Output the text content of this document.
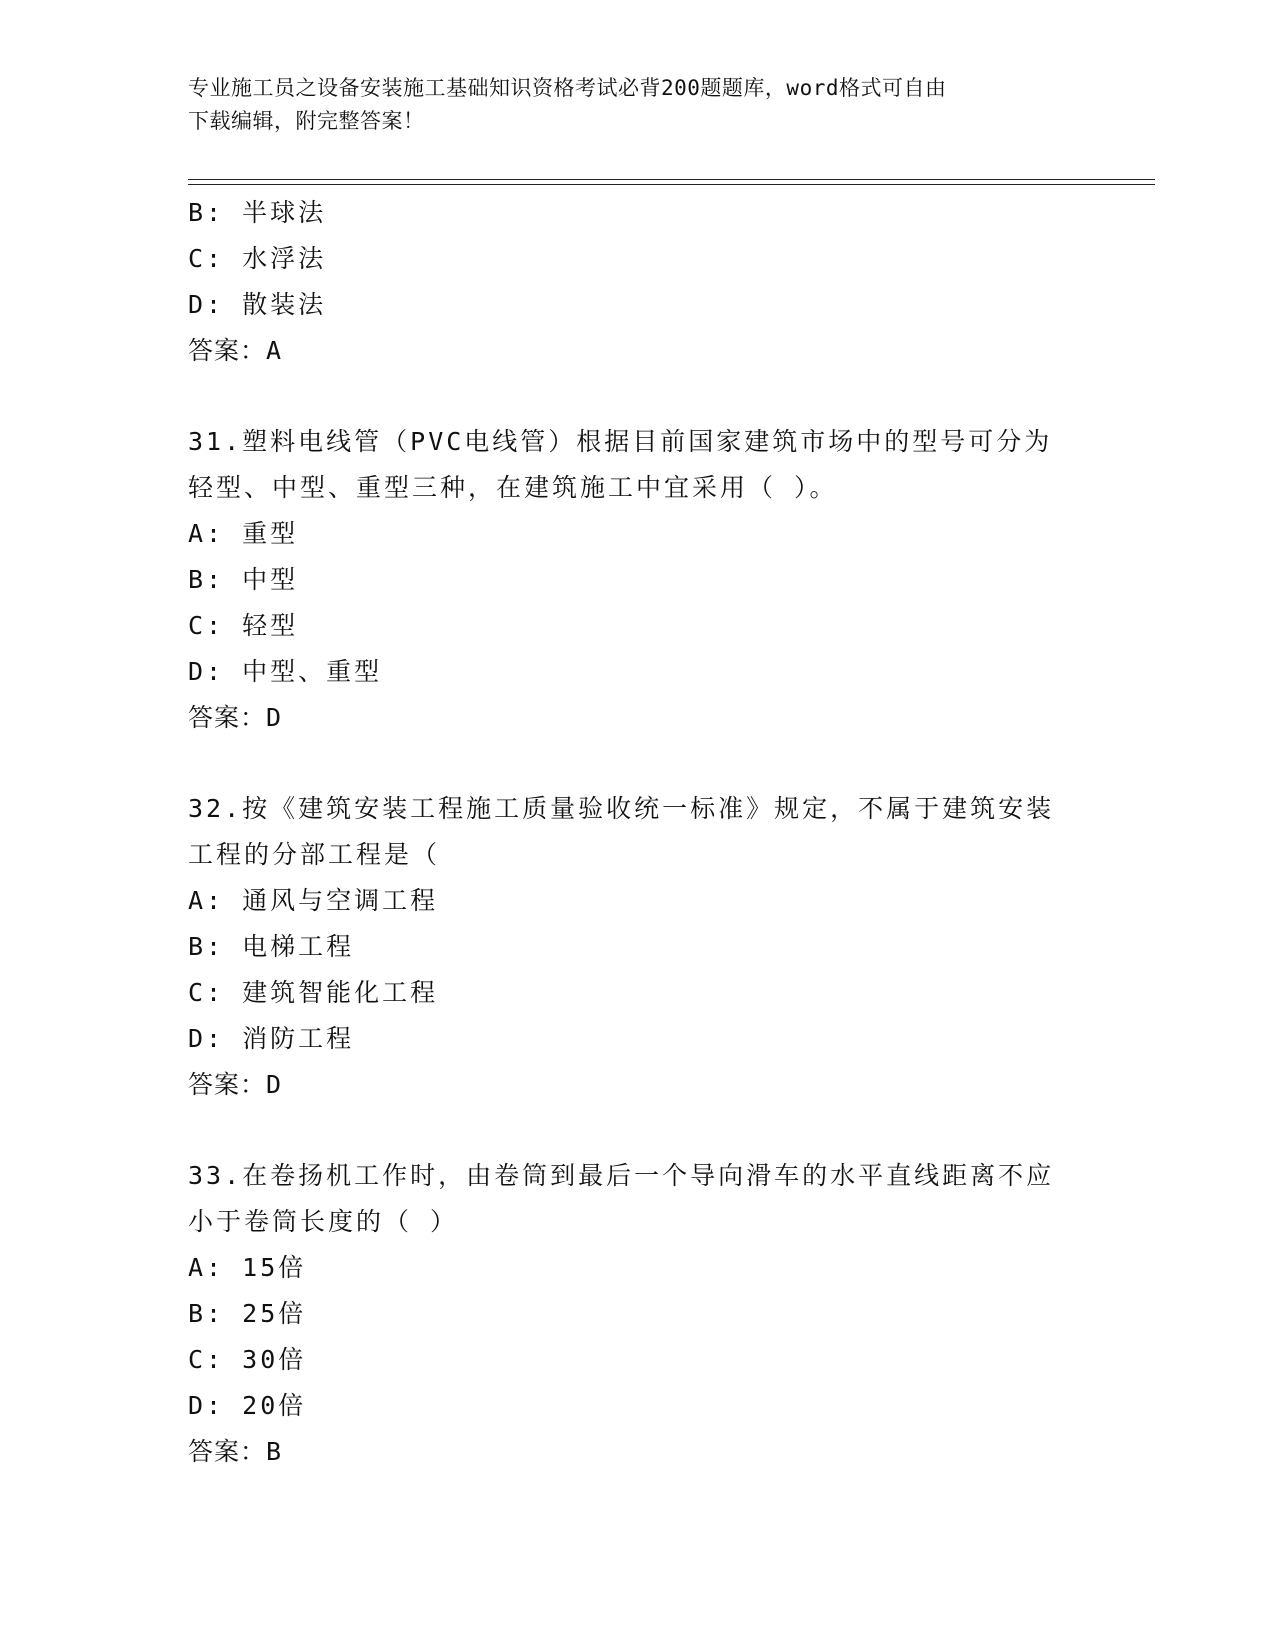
专业施工员之设备安装施工基础知识资格考试必背200题题库，word格式可自由
下载编辑，附完整答案！
B: 半球法
C: 水浮法
D: 散装法
答案：A
31.塑料电线管（PVC电线管）根据目前国家建筑市场中的型号可分为
轻型、中型、重型三种，在建筑施工中宜采用（ ）。
A: 重型
B: 中型
C: 轻型
D: 中型、重型
答案：D
32.按《建筑安装工程施工质量验收统一标准》规定，不属于建筑安装
工程的分部工程是（
A: 通风与空调工程
B: 电梯工程
C: 建筑智能化工程
D: 消防工程
答案：D
33.在卷扬机工作时，由卷筒到最后一个导向滑车的水平直线距离不应
小于卷筒长度的（ ）
A: 15倍
B: 25倍
C: 30倍
D: 20倍
答案：B
